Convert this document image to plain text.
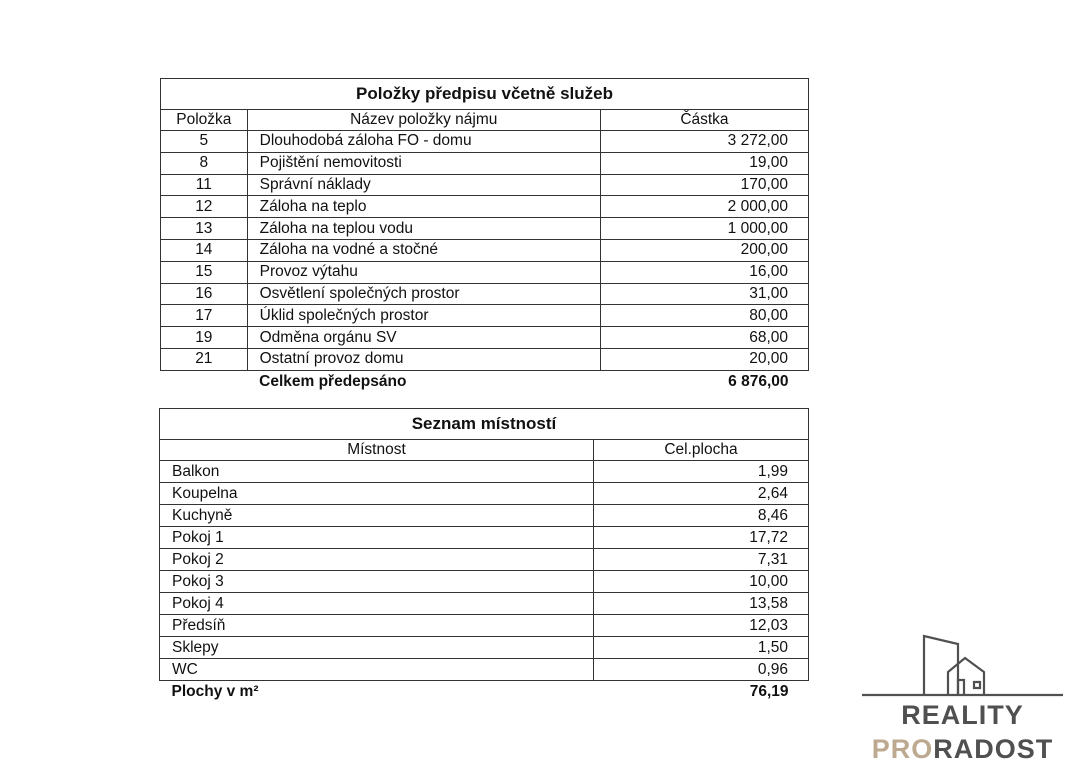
Položky předpisu včetně služeb		
Položka	Název položky nájmu	Částka
5	Dlouhodobá záloha FO - domu	3 272,00
8	Pojištění nemovitosti	19,00
11	Správní náklady	170,00
12	Záloha na teplo	2 000,00
13	Záloha na teplou vodu	1 000,00
14	Záloha na vodné a stočné	200,00
15	Provoz výtahu	16,00
16	Osvětlení společných prostor	31,00
17	Úklid společných prostor	80,00
19	Odměna orgánu SV	68,00
21	Ostatní provoz domu	20,00
	Celkem předepsáno	6 876,00
Seznam místností	
Místnost	Cel.plocha
Balkon	1,99
Koupelna	2,64
Kuchyně	8,46
Pokoj 1	17,72
Pokoj 2	7,31
Pokoj 3	10,00
Pokoj 4	13,58
Předsíň	12,03
Sklepy	1,50
WC	0,96
Plochy v m²	76,19
REALITY
PRORADOST
